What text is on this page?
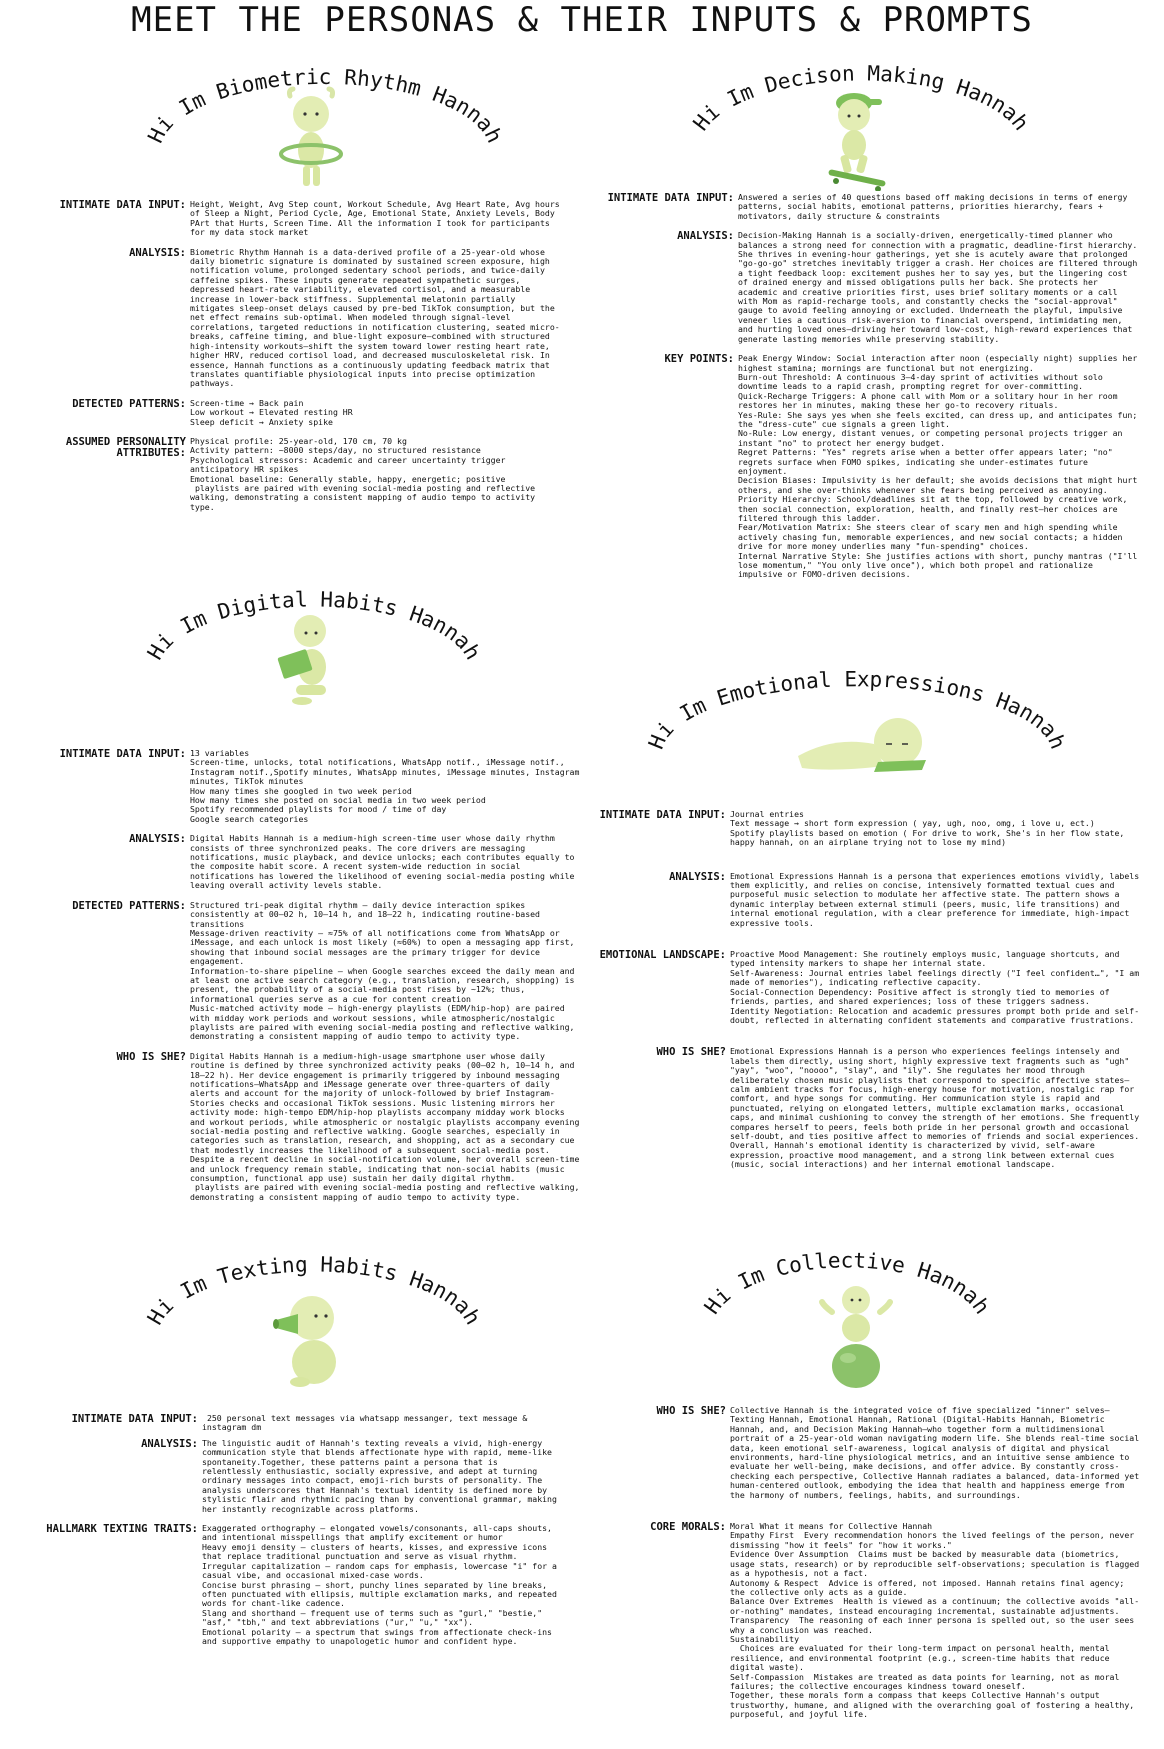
MEET THE PERSONAS & THEIR INPUTS & PROMPTS
Hi Im Biometric Rhythm Hannah
INTIMATE DATA INPUT: Height, Weight, Avg Step count, Workout Schedule, Avg Heart Rate, Avg hours of Sleep a Night, Period Cycle, Age, Emotional State, Anxiety Levels, Body PArt that Hurts, Screen Time. All the information I took for participants for my data stock market
ANALYSIS: Biometric Rhythm Hannah is a data-derived profile of a 25-year-old whose daily biometric signature is dominated by sustained screen exposure, high notification volume, prolonged sedentary school periods, and twice-daily caffeine spikes. These inputs generate repeated sympathetic surges, depressed heart-rate variability, elevated cortisol, and a measurable increase in lower-back stiffness. Supplemental melatonin partially mitigates sleep-onset delays caused by pre-bed TikTok consumption, but the net effect remains sub-optimal. When modeled through signal-level correlations, targeted reductions in notification clustering, seated micro-breaks, caffeine timing, and blue-light exposure—combined with structured high-intensity workouts—shift the system toward lower resting heart rate, higher HRV, reduced cortisol load, and decreased musculoskeletal risk. In essence, Hannah functions as a continuously updating feedback matrix that translates quantifiable physiological inputs into precise optimization pathways.
DETECTED PATTERNS: Screen-time → Back pain
Low workout → Elevated resting HR
Sleep deficit → Anxiety spike
ASSUMED PERSONALITY
ATTRIBUTES:
Physical profile: 25-year-old, 170 cm, 70 kg
Activity pattern: ~8000 steps/day, no structured resistance
Psychological stressors: Academic and career uncertainty trigger anticipatory HR spikes
Emotional baseline: Generally stable, happy, energetic; positive
playlists are paired with evening social-media posting and reflective walking, demonstrating a consistent mapping of audio tempo to activity type.
Hi Im Decison Making Hannah
INTIMATE DATA INPUT: Answered a series of 40 questions based off making decisions in terms of energy patterns, social habits, emotional patterns, priorities hierarchy, fears + motivators, daily structure & constraints
ANALYSIS: Decision-Making Hannah is a socially-driven, energetically-timed planner who balances a strong need for connection with a pragmatic, deadline-first hierarchy. She thrives in evening-hour gatherings, yet she is acutely aware that prolonged "go-go-go" stretches inevitably trigger a crash. Her choices are filtered through a tight feedback loop: excitement pushes her to say yes, but the lingering cost of drained energy and missed obligations pulls her back. She protects her academic and creative priorities first, uses brief solitary moments or a call with Mom as rapid-recharge tools, and constantly checks the "social-approval" gauge to avoid feeling annoying or excluded. Underneath the playful, impulsive veneer lies a cautious risk-aversion to financial overspend, intimidating men, and hurting loved ones—driving her toward low-cost, high-reward experiences that generate lasting memories while preserving stability.
KEY POINTS: Peak Energy Window: Social interaction after noon (especially night) supplies her highest stamina; mornings are functional but not energizing.
Burn-out Threshold: A continuous 3–4-day sprint of activities without solo downtime leads to a rapid crash, prompting regret for over-committing.
Quick-Recharge Triggers: A phone call with Mom or a solitary hour in her room restores her in minutes, making these her go-to recovery rituals.
Yes-Rule: She says yes when she feels excited, can dress up, and anticipates fun; the "dress-cute" cue signals a green light.
No-Rule: Low energy, distant venues, or competing personal projects trigger an instant "no" to protect her energy budget.
Regret Patterns: "Yes" regrets arise when a better offer appears later; "no" regrets surface when FOMO spikes, indicating she under-estimates future enjoyment.
Decision Biases: Impulsivity is her default; she avoids decisions that might hurt others, and she over-thinks whenever she fears being perceived as annoying.
Priority Hierarchy: School/deadlines sit at the top, followed by creative work, then social connection, exploration, health, and finally rest—her choices are filtered through this ladder.
Fear/Motivation Matrix: She steers clear of scary men and high spending while actively chasing fun, memorable experiences, and new social contacts; a hidden drive for more money underlies many "fun-spending" choices.
Internal Narrative Style: She justifies actions with short, punchy mantras ("I'll lose momentum," "You only live once"), which both propel and rationalize impulsive or FOMO-driven decisions.
Hi Im Digital Habits Hannah
INTIMATE DATA INPUT: 13 variables
Screen-time, unlocks, total notifications, WhatsApp notif., iMessage notif., Instagram notif.,Spotify minutes, WhatsApp minutes, iMessage minutes, Instagram minutes, TikTok minutes
How many times she googled in two week period
How many times she posted on social media in two week period
Spotify recommended playlists for mood / time of day
Google search categories
ANALYSIS: Digital Habits Hannah is a medium-high screen-time user whose daily rhythm consists of three synchronized peaks. The core drivers are messaging notifications, music playback, and device unlocks; each contributes equally to the composite habit score. A recent system-wide reduction in social notifications has lowered the likelihood of evening social-media posting while leaving overall activity levels stable.
DETECTED PATTERNS: Structured tri-peak digital rhythm – daily device interaction spikes consistently at 00–02 h, 10–14 h, and 18–22 h, indicating routine-based transitions
Message-driven reactivity – ≈75% of all notifications come from WhatsApp or iMessage, and each unlock is most likely (≈60%) to open a messaging app first, showing that inbound social messages are the primary trigger for device engagement.
Information-to-share pipeline – when Google searches exceed the daily mean and at least one active search category (e.g., translation, research, shopping) is present, the probability of a social-media post rises by ~12%; thus, informational queries serve as a cue for content creation
Music-matched activity mode – high-energy playlists (EDM/hip-hop) are paired with midday work periods and workout sessions, while atmospheric/nostalgic playlists are paired with evening social-media posting and reflective walking, demonstrating a consistent mapping of audio tempo to activity type.
WHO IS SHE? Digital Habits Hannah is a medium-high-usage smartphone user whose daily routine is defined by three synchronized activity peaks (00–02 h, 10–14 h, and 18–22 h). Her device engagement is primarily triggered by inbound messaging notifications—WhatsApp and iMessage generate over three-quarters of daily alerts and account for the majority of unlock-followed by brief Instagram-Stories checks and occasional TikTok sessions. Music listening mirrors her activity mode: high-tempo EDM/hip-hop playlists accompany midday work blocks and workout periods, while atmospheric or nostalgic playlists accompany evening social-media posting and reflective walking. Google searches, especially in categories such as translation, research, and shopping, act as a secondary cue that modestly increases the likelihood of a subsequent social-media post. Despite a recent decline in social-notification volume, her overall screen-time and unlock frequency remain stable, indicating that non-social habits (music consumption, functional app use) sustain her daily digital rhythm.
playlists are paired with evening social-media posting and reflective walking, demonstrating a consistent mapping of audio tempo to activity type.
Hi Im Emotional Expressions Hannah
INTIMATE DATA INPUT: Journal entries
Text message → short form expression ( yay, ugh, noo, omg, i love u, ect.)
Spotify playlists based on emotion ( For drive to work, She's in her flow state, happy hannah, on an airplane trying not to lose my mind)
ANALYSIS: Emotional Expressions Hannah is a persona that experiences emotions vividly, labels them explicitly, and relies on concise, intensively formatted textual cues and purposeful music selection to modulate her affective state. The pattern shows a dynamic interplay between external stimuli (peers, music, life transitions) and internal emotional regulation, with a clear preference for immediate, high-impact expressive tools.
EMOTIONAL LANDSCAPE: Proactive Mood Management: She routinely employs music, language shortcuts, and typed intensity markers to shape her internal state.
Self-Awareness: Journal entries label feelings directly ("I feel confident…", "I am made of memories"), indicating reflective capacity.
Social-Connection Dependency: Positive affect is strongly tied to memories of friends, parties, and shared experiences; loss of these triggers sadness.
Identity Negotiation: Relocation and academic pressures prompt both pride and self-doubt, reflected in alternating confident statements and comparative frustrations.
WHO IS SHE? Emotional Expressions Hannah is a person who experiences feelings intensely and labels them directly, using short, highly expressive text fragments such as "ugh" "yay", "woo", "noooo", "slay", and "ily". She regulates her mood through deliberately chosen music playlists that correspond to specific affective states—calm ambient tracks for focus, high-energy house for motivation, nostalgic rap for comfort, and hype songs for commuting. Her communication style is rapid and punctuated, relying on elongated letters, multiple exclamation marks, occasional caps, and minimal cushioning to convey the strength of her emotions. She frequently compares herself to peers, feels both pride in her personal growth and occasional self-doubt, and ties positive affect to memories of friends and social experiences. Overall, Hannah's emotional identity is characterized by vivid, self-aware expression, proactive mood management, and a strong link between external cues (music, social interactions) and her internal emotional landscape.
Hi Im Texting Habits Hannah
INTIMATE DATA INPUT: 250 personal text messages via whatsapp messanger, text message & instagram dm
ANALYSIS: The linguistic audit of Hannah's texting reveals a vivid, high-energy communication style that blends affectionate hype with rapid, meme-like spontaneity.Together, these patterns paint a persona that is relentlessly enthusiastic, socially expressive, and adept at turning ordinary messages into compact, emoji-rich bursts of personality. The analysis underscores that Hannah's textual identity is defined more by stylistic flair and rhythmic pacing than by conventional grammar, making her instantly recognizable across platforms.
HALLMARK TEXTING TRAITS: Exaggerated orthography – elongated vowels/consonants, all-caps shouts, and intentional misspellings that amplify excitement or humor
Heavy emoji density – clusters of hearts, kisses, and expressive icons that replace traditional punctuation and serve as visual rhythm.
Irregular capitalization – random caps for emphasis, lowercase "i" for a casual vibe, and occasional mixed-case words.
Concise burst phrasing – short, punchy lines separated by line breaks, often punctuated with ellipsis, multiple exclamation marks, and repeated words for chant-like cadence.
Slang and shorthand – frequent use of terms such as "gurl," "bestie," "asf," "tbh," and text abbreviations ("ur," "u," "xx").
Emotional polarity – a spectrum that swings from affectionate check-ins and supportive empathy to unapologetic humor and confident hype.
Hi Im Collective Hannah
WHO IS SHE? Collective Hannah is the integrated voice of five specialized "inner" selves—Texting Hannah, Emotional Hannah, Rational (Digital-Habits Hannah, Biometric Hannah, and, and Decision Making Hannah—who together form a multidimensional portrait of a 25-year-old woman navigating modern life. She blends real-time social data, keen emotional self-awareness, logical analysis of digital and physical environments, hard-line physiological metrics, and an intuitive sense ambience to evaluate her well-being, make decisions, and offer advice. By constantly cross-checking each perspective, Collective Hannah radiates a balanced, data-informed yet human-centered outlook, embodying the idea that health and happiness emerge from the harmony of numbers, feelings, habits, and surroundings.
CORE MORALS: Moral What it means for Collective Hannah
Empathy First  Every recommendation honors the lived feelings of the person, never dismissing "how it feels" for "how it works."
Evidence Over Assumption  Claims must be backed by measurable data (biometrics, usage stats, research) or by reproducible self-observations; speculation is flagged as a hypothesis, not a fact.
Autonomy & Respect  Advice is offered, not imposed. Hannah retains final agency; the collective only acts as a guide.
Balance Over Extremes  Health is viewed as a continuum; the collective avoids "all-or-nothing" mandates, instead encouraging incremental, sustainable adjustments.
Transparency  The reasoning of each inner persona is spelled out, so the user sees why a conclusion was reached.
Sustainability
Choices are evaluated for their long-term impact on personal health, mental resilience, and environmental footprint (e.g., screen-time habits that reduce digital waste).
Self-Compassion  Mistakes are treated as data points for learning, not as moral failures; the collective encourages kindness toward oneself.
Together, these morals form a compass that keeps Collective Hannah's output trustworthy, humane, and aligned with the overarching goal of fostering a healthy, purposeful, and joyful life.
